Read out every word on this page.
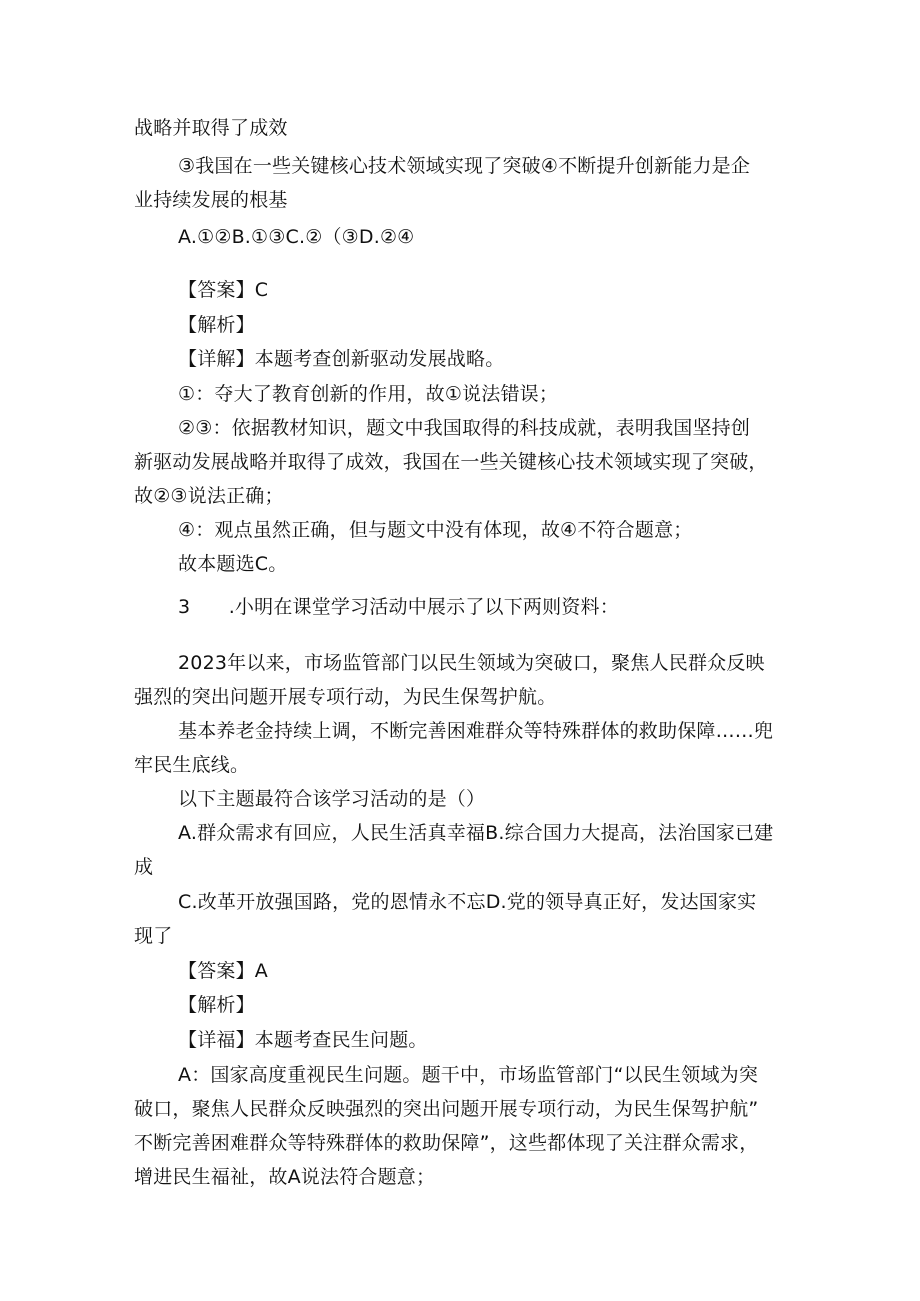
战略并取得了成效
③我国在一些关键核心技术领域实现了突破④不断提升创新能力是企
业持续发展的根基
A.①②B.①③C.②（③D.②④
【答案】C
【解析】
【详解】本题考查创新驱动发展战略。
①：夺大了教育创新的作用，故①说法错误；
②③：依据教材知识，题文中我国取得的科技成就，表明我国坚持创
新驱动发展战略并取得了成效，我国在一些关键核心技术领域实现了突破，
故②③说法正确；
④：观点虽然正确，但与题文中没有体现，故④不符合题意；
故本题选C。
3　　.小明在课堂学习活动中展示了以下两则资料：
2023年以来，市场监管部门以民生领域为突破口，聚焦人民群众反映
强烈的突出问题开展专项行动，为民生保驾护航。
基本养老金持续上调，不断完善困难群众等特殊群体的救助保障……兜
牢民生底线。
以下主题最符合该学习活动的是（）
A.群众需求有回应，人民生活真幸福B.综合国力大提高，法治国家已建
成
C.改革开放强国路，党的恩情永不忘D.党的领导真正好，发达国家实
现了
【答案】A
【解析】
【详福】本题考查民生问题。
A：国家高度重视民生问题。题干中，市场监管部门“以民生领域为突
破口，聚焦人民群众反映强烈的突出问题开展专项行动，为民生保驾护航”
不断完善困难群众等特殊群体的救助保障”，这些都体现了关注群众需求，
增进民生福祉，故A说法符合题意；
